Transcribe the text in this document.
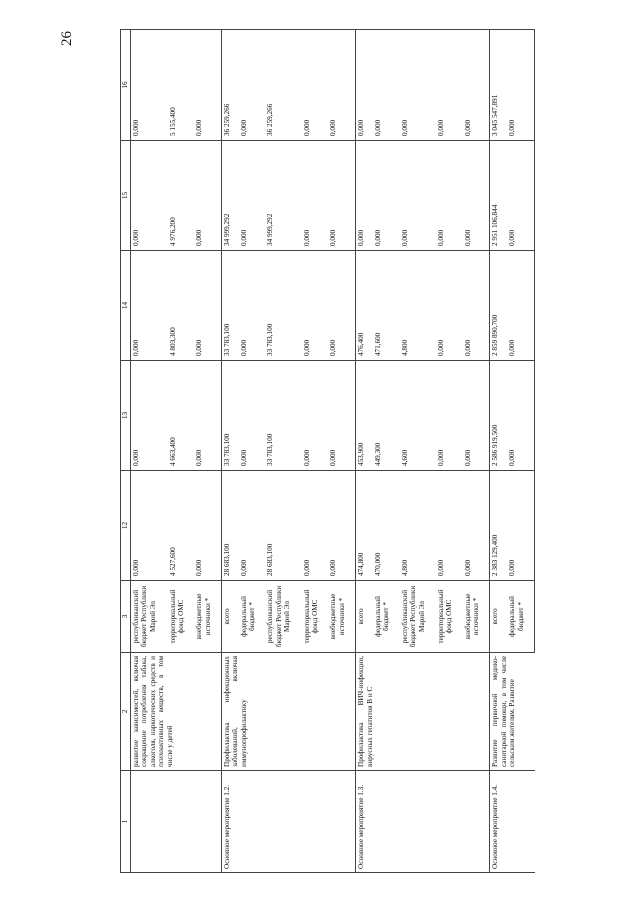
26
1	2	3	12	13	14	15	16
	развитие зависимостей, включая сокращение потребления табака, алкоголя, наркотических средств и психоактивных веществ, в том числе у детей	республиканский бюджет Республики Марий Эл	0,000	0,000	0,000	0,000	0,000
		территориальный фонд ОМС	4 527,600	4 663,400	4 803,300	4 976,200	5 155,400
		внебюджетные источники *	0,000	0,000	0,000	0,000	0,000
Основное мероприятие 1.2.	Профилактика инфекционных заболеваний, включая иммунопрофилактику	всего	28 683,100	33 783,100	33 783,100	34 999,292	36 259,266
		федеральный бюджет *	0,000	0,000	0,000	0,000	0,000
		республиканский бюджет Республики Марий Эл	28 683,100	33 783,100	33 783,100	34 999,292	36 259,266
		территориальный фонд ОМС	0,000	0,000	0,000	0,000	0,000
		внебюджетные источники *	0,000	0,000	0,000	0,000	0,000
Основное мероприятие 1.3.	Профилактика ВИЧ-инфекции, вирусных гепатитов В и С	всего	474,800	453,900	476,400	0,000	0,000
		федеральный бюджет *	470,000	449,300	471,600	0,000	0,000
		республиканский бюджет Республики Марий Эл	4,800	4,600	4,800	0,000	0,000
		территориальный фонд ОМС	0,000	0,000	0,000	0,000	0,000
		внебюджетные источники *	0,000	0,000	0,000	0,000	0,000
Основное мероприятие 1.4.	Развитие первичной медико-санитарной помощи, в том числе сельским жителям. Развитие	всего	2 383 129,400	2 586 919,500	2 859 890,700	2 951 106,844	3 045 547,891
		федеральный бюджет *	0,000	0,000	0,000	0,000	0,000
